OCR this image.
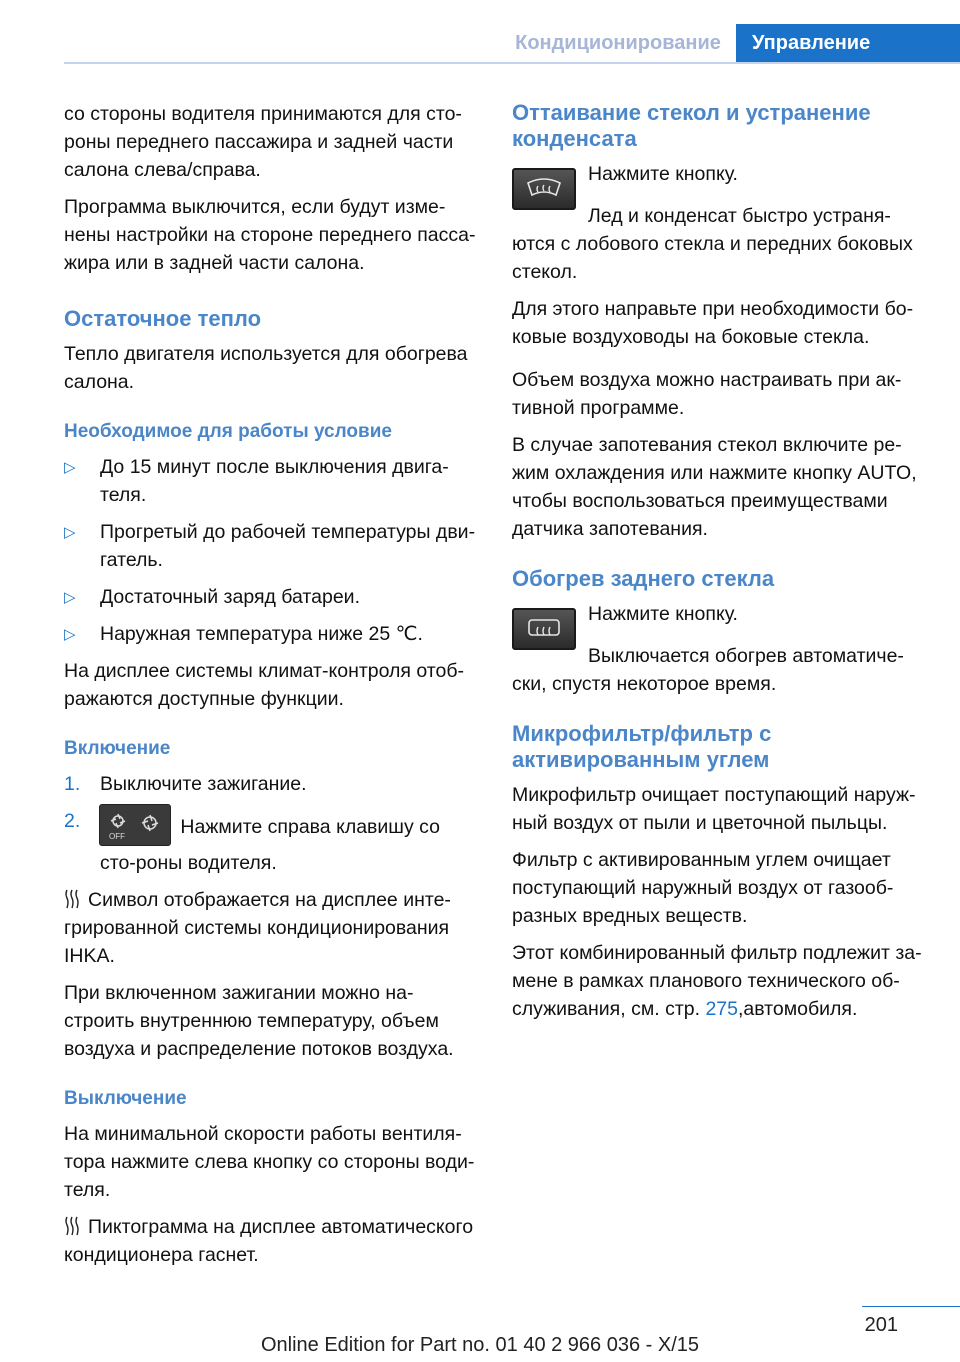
Кондиционирование	Управление

со стороны водителя принимаются для сто-роны переднего пассажира и задней части салона слева/справа.

Программа выключится, если будут изме-нены настройки на стороне переднего пасса-жира или в задней части салона.

Остаточное тепло

Тепло двигателя используется для обогрева салона.

Необходимое для работы условие
▷ До 15 минут после выключения двига-теля.
▷ Прогретый до рабочей температуры дви-гатель.
▷ Достаточный заряд батареи.
▷ Наружная температура ниже 25 ℃.

На дисплее системы климат-контроля отоб-ражаются доступные функции.

Включение
1. Выключите зажигание.
2.
OFF	Нажмите справа клавишу со сто-роны водителя.

Символ отображается на дисплее инте-грированной системы кондиционирования IHKA.

При включенном зажигании можно на-строить внутреннюю температуру, объем воздуха и распределение потоков воздуха.

Выключение

На минимальной скорости работы вентиля-тора нажмите слева кнопку со стороны води-теля.

Пиктограмма на дисплее автоматического кондиционера гаснет.

Оттаивание стекол и устранение конденсата

Нажмите кнопку.

Лед и конденсат быстро устраня-ются с лобового стекла и передних боковых стекол.

Для этого направьте при необходимости бо-ковые воздуховоды на боковые стекла.

Объем воздуха можно настраивать при ак-тивной программе.

В случае запотевания стекол включите ре-жим охлаждения или нажмите кнопку AUTO, чтобы воспользоваться преимуществами датчика запотевания.

Обогрев заднего стекла

Нажмите кнопку.

Выключается обогрев автоматиче-ски, спустя некоторое время.

Микрофильтр/фильтр с активированным углем

Микрофильтр очищает поступающий наруж-ный воздух от пыли и цветочной пыльцы.

Фильтр с активированным углем очищает поступающий наружный воздух от газооб-разных вредных веществ.

Этот комбинированный фильтр подлежит за-мене в рамках планового технического об-служивания, см. стр. 275,автомобиля.

201
Online Edition for Part no. 01 40 2 966 036 - X/15
